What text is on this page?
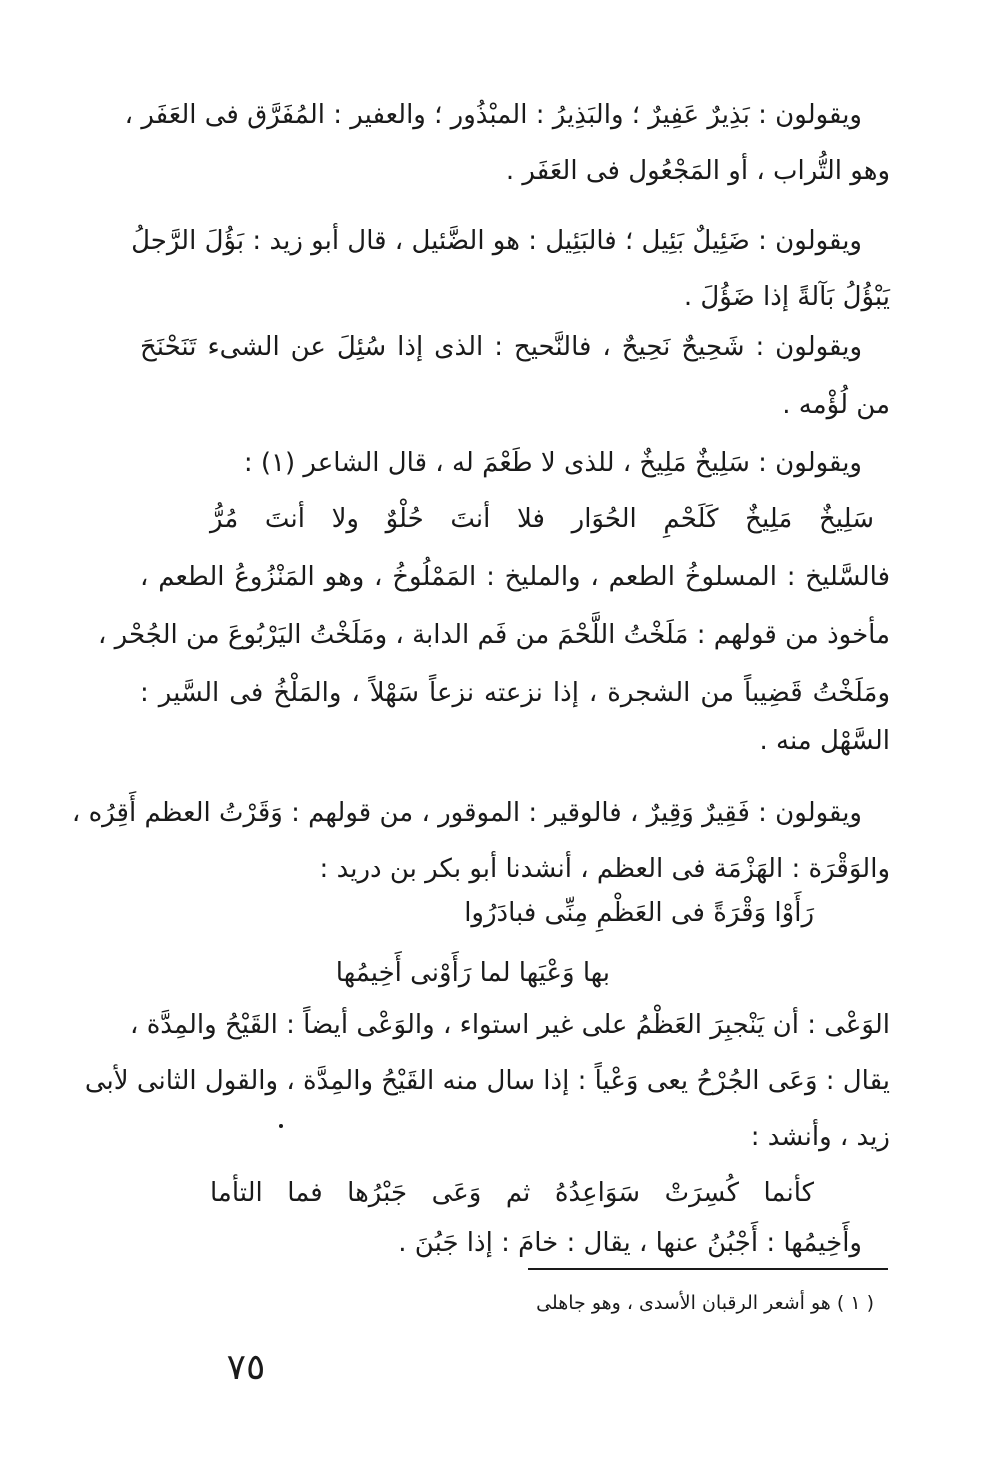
ويقولون : بَذِيرٌ عَفِيرٌ ؛ والبَذِيرُ : المبْذُور ؛ والعفير : المُفَرَّق فى العَفَر ،
وهو التُّراب ، أو المَجْعُول فى العَفَر .
ويقولون : ضَئِيلٌ بَئِيل ؛ فالبَئِيل : هو الضَّئيل ، قال أبو زيد : بَؤُلَ الرَّجلُ
يَبْؤُلُ بَآلةً إذا ضَؤُلَ .
ويقولون : شَحِيحٌ نَحِيحٌ ، فالنَّحيح : الذى إذا سُئِلَ عن الشىء تَنَحْنَحَ
من لُؤْمه .
ويقولون : سَلِيخٌ مَلِيخٌ ، للذى لا طَعْمَ له ، قال الشاعر (١) :
سَلِيخٌ مَلِيخٌ كَلَحْمِ الحُوَار فلا أنتَ حُلْوٌ ولا أنتَ مُرُّ
فالسَّليخ : المسلوخُ الطعم ، والمليخ : المَمْلُوخُ ، وهو المَنْزُوعُ الطعم ،
مأخوذ من قولهم : مَلَخْتُ اللَّحْمَ من فَم الدابة ، ومَلَخْتُ اليَرْبُوعَ من الجُحْر ،
ومَلَخْتُ قَضِيباً من الشجرة ، إذا نزعته نزعاً سَهْلاً ، والمَلْخُ فى السَّير :
السَّهْل منه .
ويقولون : فَقِيرٌ وَقِيرٌ ، فالوقير : الموقور ، من قولهم : وَقَرْتُ العظم أَقِرُه ،
والوَقْرَة : الهَزْمَة فى العظم ، أنشدنا أبو بكر بن دريد :
رَأَوْا وَقْرَةً فى العَظْمِ مِنِّى فبادَرُوا
بها وَعْيَها لما رَأَوْنى أَخِيمُها
الوَعْى : أن يَنْجبِرَ العَظْمُ على غير استواء ، والوَعْى أيضاً : القَيْحُ والمِدَّة ،
يقال : وَعَى الجُرْحُ يعى وَعْياً : إذا سال منه القَيْحُ والمِدَّة ، والقول الثانى لأبى
زيد ، وأنشد :
كأنما كُسِرَتْ سَوَاعِدُهُ ثم وَعَى جَبْرُها فما التأما
وأَخِيمُها : أَجْبُنُ عنها ، يقال : خامَ : إذا جَبُنَ .
( ١ ) هو أشعر الرقبان الأسدى ، وهو جاهلى
٧٥
